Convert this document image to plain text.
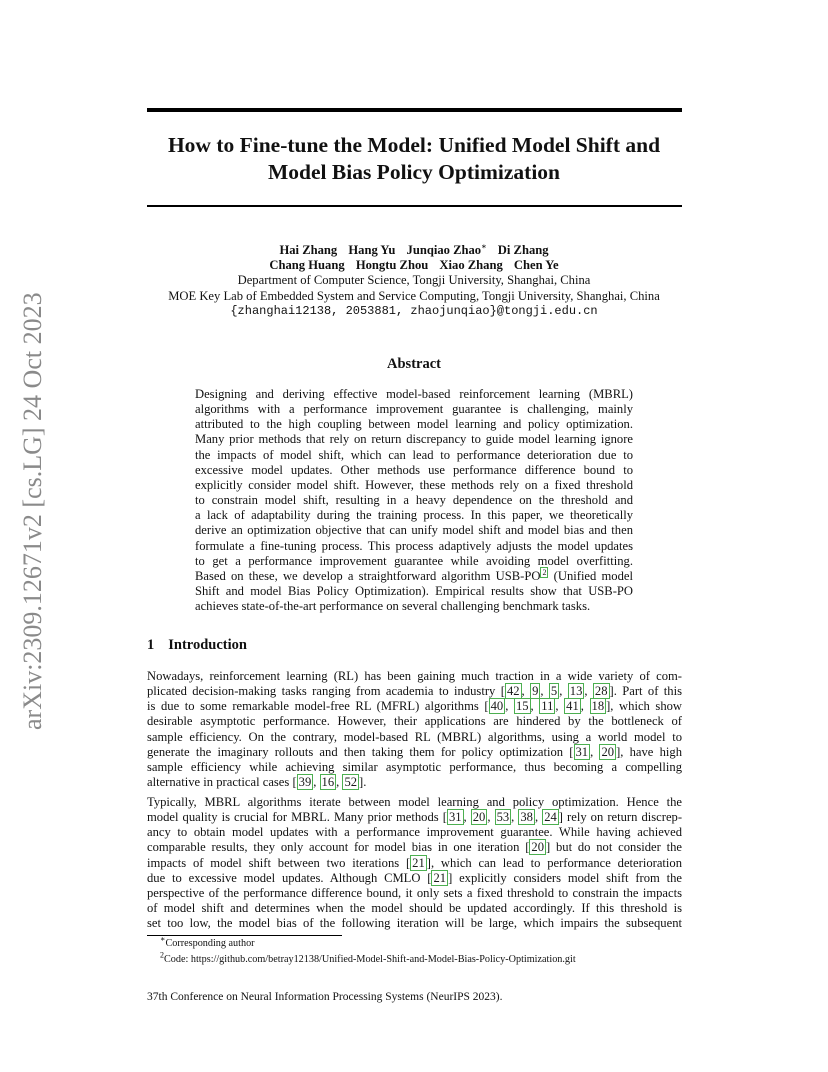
How to Fine-tune the Model: Unified Model Shift and
Model Bias Policy Optimization
Hai Zhang Hang Yu Junqiao Zhao∗ Di Zhang
Chang Huang Hongtu Zhou Xiao Zhang Chen Ye
Department of Computer Science, Tongji University, Shanghai, China
MOE Key Lab of Embedded System and Service Computing, Tongji University, Shanghai, China
{zhanghai12138, 2053881, zhaojunqiao}@tongji.edu.cn
Abstract
Designing and deriving effective model-based reinforcement learning (MBRL)
algorithms with a performance improvement guarantee is challenging, mainly
attributed to the high coupling between model learning and policy optimization.
Many prior methods that rely on return discrepancy to guide model learning ignore
the impacts of model shift, which can lead to performance deterioration due to
excessive model updates. Other methods use performance difference bound to
explicitly consider model shift. However, these methods rely on a fixed threshold
to constrain model shift, resulting in a heavy dependence on the threshold and
a lack of adaptability during the training process. In this paper, we theoretically
derive an optimization objective that can unify model shift and model bias and then
formulate a fine-tuning process. This process adaptively adjusts the model updates
to get a performance improvement guarantee while avoiding model overfitting.
Based on these, we develop a straightforward algorithm USB-PO $^2$ (Unified model
Shift and model Bias Policy Optimization). Empirical results show that USB-PO
achieves state-of-the-art performance on several challenging benchmark tasks.
1 Introduction
Nowadays, reinforcement learning (RL) has been gaining much traction in a wide variety of com-
plicated decision-making tasks ranging from academia to industry [ 42 , 9 , 5 , 13 , 28 ]. Part of this
is due to some remarkable model-free RL (MFRL) algorithms [ 40 , 15 , 11 , 41 , 18 ], which show
desirable asymptotic performance. However, their applications are hindered by the bottleneck of
sample efficiency. On the contrary, model-based RL (MBRL) algorithms, using a world model to
generate the imaginary rollouts and then taking them for policy optimization [ 31 , 20 ], have high
sample efficiency while achieving similar asymptotic performance, thus becoming a compelling
alternative in practical cases [ 39 , 16 , 52 ].
Typically, MBRL algorithms iterate between model learning and policy optimization. Hence the
model quality is crucial for MBRL. Many prior methods [ 31 , 20 , 53 , 38 , 24 ] rely on return discrep-
ancy to obtain model updates with a performance improvement guarantee. While having achieved
comparable results, they only account for model bias in one iteration [ 20 ] but do not consider the
impacts of model shift between two iterations [ 21 ], which can lead to performance deterioration
due to excessive model updates. Although CMLO [ 21 ] explicitly considers model shift from the
perspective of the performance difference bound, it only sets a fixed threshold to constrain the impacts
of model shift and determines when the model should be updated accordingly. If this threshold is
set too low, the model bias of the following iteration will be large, which impairs the subsequent
∗Corresponding author
$^2$Code: https://github.com/betray12138/Unified-Model-Shift-and-Model-Bias-Policy-Optimization.git
37th Conference on Neural Information Processing Systems (NeurIPS 2023).
arXiv:2309.12671v2 [cs.LG] 24 Oct 2023
